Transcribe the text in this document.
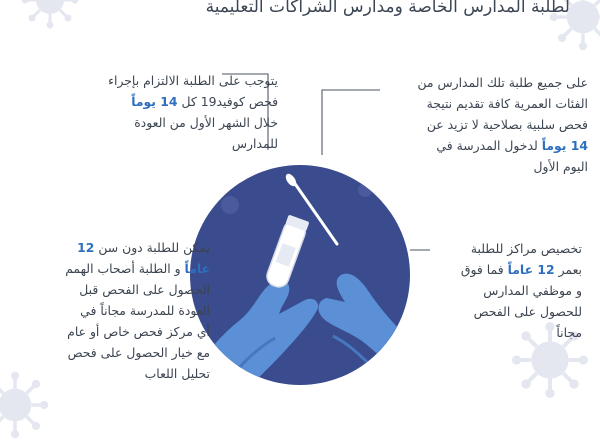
لطلبة المدارس الخاصة ومدارس الشراكات التعليمية
يتوجب على الطلبة الالتزام بإجراء
فحص كوفيد19 كل 14 يوماً
خلال الشهر الأول من العودة
للمدارس
على جميع طلبة تلك المدارس من
الفئات العمرية كافة تقديم نتيجة
فحص سلبية بصلاحية لا تزيد عن
14 يوماً لدخول المدرسة في
اليوم الأول
يمكن للطلبة دون سن 12
عاماً و الطلبة أصحاب الهمم
الحصول على الفحص قبل
العودة للمدرسة مجاناً في
أي مركز فحص خاص أو عام
مع خيار الحصول على فحص
تحليل اللعاب
تخصيص مراكز للطلبة
بعمر 12 عاماً فما فوق
و موظفي المدارس
للحصول على الفحص
مجاناً
